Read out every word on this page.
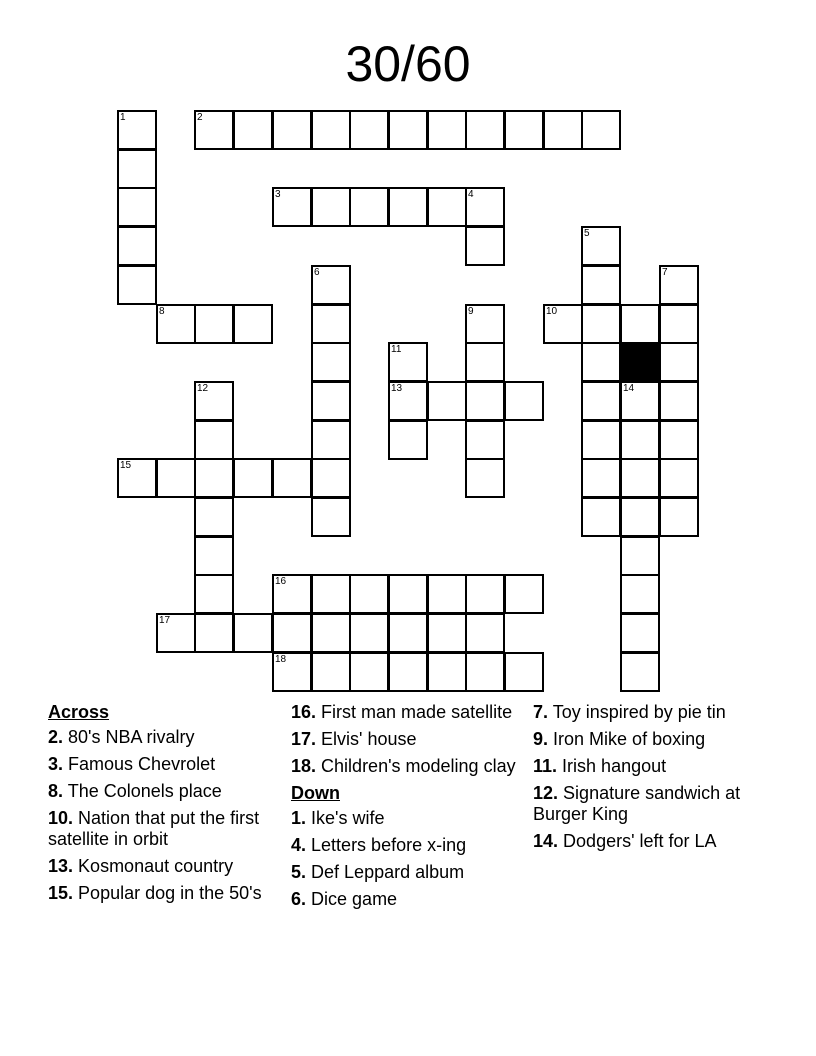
30/60
1	2
3	4
5
6	7
8	9	10
11
12	13	14
15
16
17
18
Across
2. 80's NBA rivalry
3. Famous Chevrolet
8. The Colonels place
10. Nation that put the first satellite in orbit
13. Kosmonaut country
15. Popular dog in the 50's
16. First man made satellite
17. Elvis' house
18. Children's modeling clay
Down
1. Ike's wife
4. Letters before x-ing
5. Def Leppard album
6. Dice game
7. Toy inspired by pie tin
9. Iron Mike of boxing
11. Irish hangout
12. Signature sandwich at Burger King
14. Dodgers' left for LA
